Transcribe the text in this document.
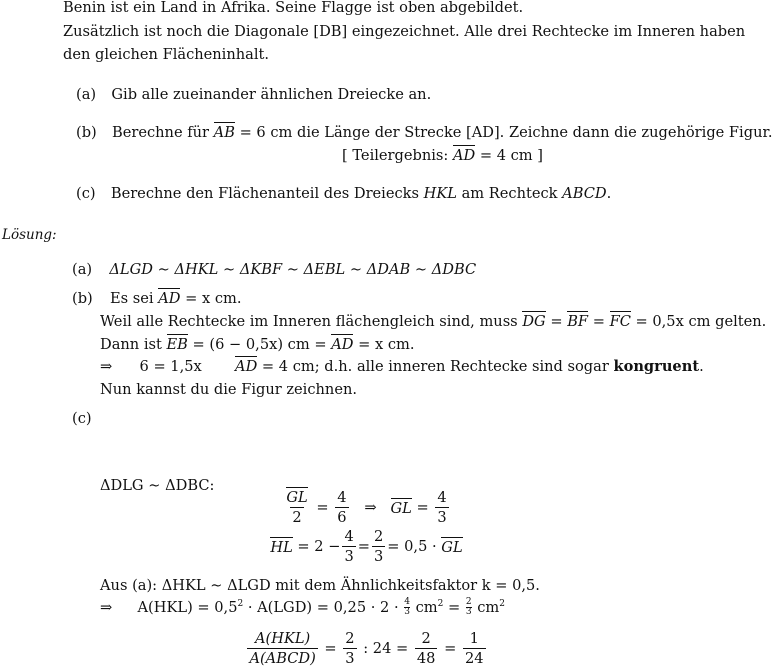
Benin ist ein Land in Afrika. Seine Flagge ist oben abgebildet.
Zusätzlich ist noch die Diagonale [DB] eingezeichnet. Alle drei Rechtecke im Inneren haben
den gleichen Flächeninhalt.
(a) Gib alle zueinander ähnlichen Dreiecke an.
(b) Berechne für AB = 6 cm die Länge der Strecke [AD]. Zeichne dann die zugehörige Figur.
[ Teilergebnis: AD = 4 cm ]
(c) Berechne den Flächenanteil des Dreiecks HKL am Rechteck ABCD.
Lösung:
(a) ΔLGD ∼ ΔHKL ∼ ΔKBF ∼ ΔEBL ∼ ΔDAB ∼ ΔDBC
(b) Es sei AD = x cm.
Weil alle Rechtecke im Inneren flächengleich sind, muss DG = BF = FC = 0,5x cm gelten.
Dann ist EB = (6 − 0,5x) cm = AD = x cm.
⇒ 6 = 1,5x AD = 4 cm; d.h. alle inneren Rechtecke sind sogar kongruent.
Nun kannst du die Figur zeichnen.
(c)
ΔDLG ∼ ΔDBC:
$\frac{GL}{2} = \frac{4}{6}$	⇒ GL = $\frac{4}{3}$
HL
= $2 - \frac{4}{3} = \frac{2}{3} = 0,5$ ·
GL
Aus (a): ΔHKL ∼ ΔLGD mit dem Ähnlichkeitsfaktor k = 0,5.
⇒ $A(HKL) = 0,5^2 \cdot A(LGD) = 0,25 \cdot 2 \cdot \frac{4}{3} cm^2 = \frac{2}{3} cm^2$
$\frac{\text{A(HKL)}}{\text{A(ABCD)}} = \frac{2}{3}$
: 24 =
$\frac{2}{48} = \frac{1}{24}$
